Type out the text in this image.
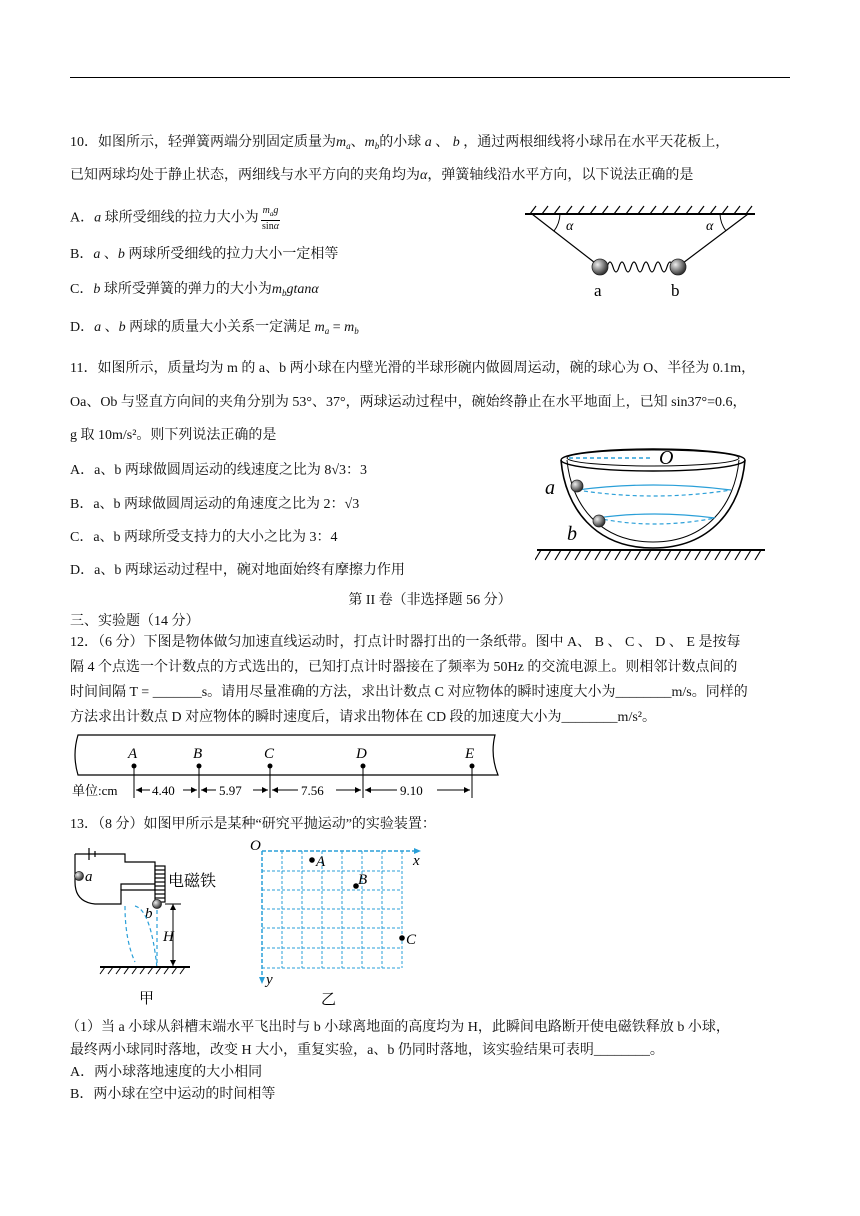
10．如图所示，轻弹簧两端分别固定质量为$m_a$、$m_b$的小球 a 、 b ，通过两根细线将小球吊在水平天花板上，
已知两球均处于静止状态，两细线与水平方向的夹角均为α，弹簧轴线沿水平方向，以下说法正确的是
A．a 球所受细线的拉力大小为 $\frac{m_ag}{\sin\alpha}$
B．a 、b 两球所受细线的拉力大小一定相等
C．b 球所受弹簧的弹力的大小为$m_bgtan\alpha$
D．a 、b 两球的质量大小关系一定满足 $m_a = m_b$
α	α
a	b
11．如图所示，质量均为 m 的 a、b 两小球在内壁光滑的半球形碗内做圆周运动，碗的球心为 O、半径为 0.1m，
Oa、Ob 与竖直方向间的夹角分别为 53°、37°，两球运动过程中，碗始终静止在水平地面上，已知 sin37°=0.6，
g 取 10m/s²。则下列说法正确的是
A．a、b 两球做圆周运动的线速度之比为 8√3：3
B．a、b 两球做圆周运动的角速度之比为 2：√3
C．a、b 两球所受支持力的大小之比为 3：4
D．a、b 两球运动过程中，碗对地面始终有摩擦力作用
O
a
b
第 II 卷（非选择题 56 分）
三、实验题（14 分）
12．（6 分）下图是物体做匀加速直线运动时，打点计时器打出的一条纸带。图中 A、 B 、 C 、 D 、 E 是按每
隔 4 个点选一个计数点的方式选出的，已知打点计时器接在了频率为 50Hz 的交流电源上。则相邻计数点间的
时间间隔 T = _______s。请用尽量准确的方法，求出计数点 C 对应物体的瞬时速度大小为________m/s。同样的
方法求出计数点 D 对应物体的瞬时速度后，请求出物体在 CD 段的加速度大小为________m/s²。
A	B	C	D	E
单位:cm	4.40	5.97	7.56	9.10
13．（8 分）如图甲所示是某种“研究平抛运动”的实验装置：
a
b
电磁铁
H
甲
O
x
y
A
B
C
乙
（1）当 a 小球从斜槽末端水平飞出时与 b 小球离地面的高度均为 H，此瞬间电路断开使电磁铁释放 b 小球，
最终两小球同时落地，改变 H 大小，重复实验，a、b 仍同时落地，该实验结果可表明________。
A．两小球落地速度的大小相同
B．两小球在空中运动的时间相等
